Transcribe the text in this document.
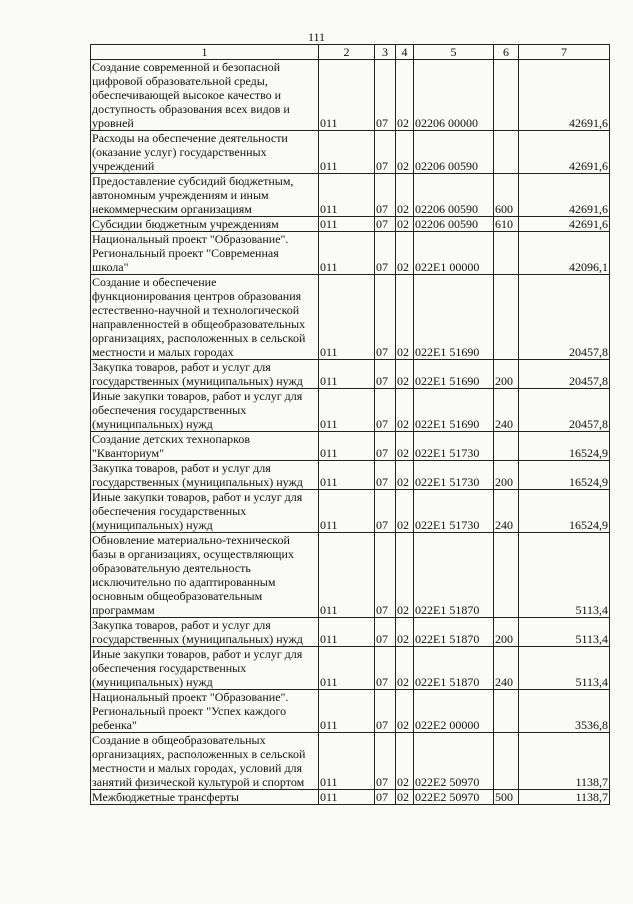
111
1	2	3	4	5	6	7
Создание современной и безопасной цифровой образовательной среды, обеспечивающей высокое качество и доступность образования всех видов и уровней	011	07	02	02206 00000		42691,6
Расходы на обеспечение деятельности (оказание услуг) государственных учреждений	011	07	02	02206 00590		42691,6
Предоставление субсидий бюджетным, автономным учреждениям и иным некоммерческим организациям	011	07	02	02206 00590	600	42691,6
Субсидии бюджетным учреждениям	011	07	02	02206 00590	610	42691,6
Национальный проект "Образование". Региональный проект "Современная школа"	011	07	02	022E1 00000		42096,1
Создание и обеспечение функционирования центров образования естественно-научной и технологической направленностей в общеобразовательных организациях, расположенных в сельской местности и малых городах	011	07	02	022E1 51690		20457,8
Закупка товаров, работ и услуг для государственных (муниципальных) нужд	011	07	02	022E1 51690	200	20457,8
Иные закупки товаров, работ и услуг для обеспечения государственных (муниципальных) нужд	011	07	02	022E1 51690	240	20457,8
Создание детских технопарков "Кванториум"	011	07	02	022E1 51730		16524,9
Закупка товаров, работ и услуг для государственных (муниципальных) нужд	011	07	02	022E1 51730	200	16524,9
Иные закупки товаров, работ и услуг для обеспечения государственных (муниципальных) нужд	011	07	02	022E1 51730	240	16524,9
Обновление материально-технической базы в организациях, осуществляющих образовательную деятельность исключительно по адаптированным основным общеобразовательным программам	011	07	02	022E1 51870		5113,4
Закупка товаров, работ и услуг для государственных (муниципальных) нужд	011	07	02	022E1 51870	200	5113,4
Иные закупки товаров, работ и услуг для обеспечения государственных (муниципальных) нужд	011	07	02	022E1 51870	240	5113,4
Национальный проект "Образование". Региональный проект "Успех каждого ребенка"	011	07	02	022E2 00000		3536,8
Создание в общеобразовательных организациях, расположенных в сельской местности и малых городах, условий для занятий физической культурой и спортом	011	07	02	022E2 50970		1138,7
Межбюджетные трансферты	011	07	02	022E2 50970	500	1138,7
